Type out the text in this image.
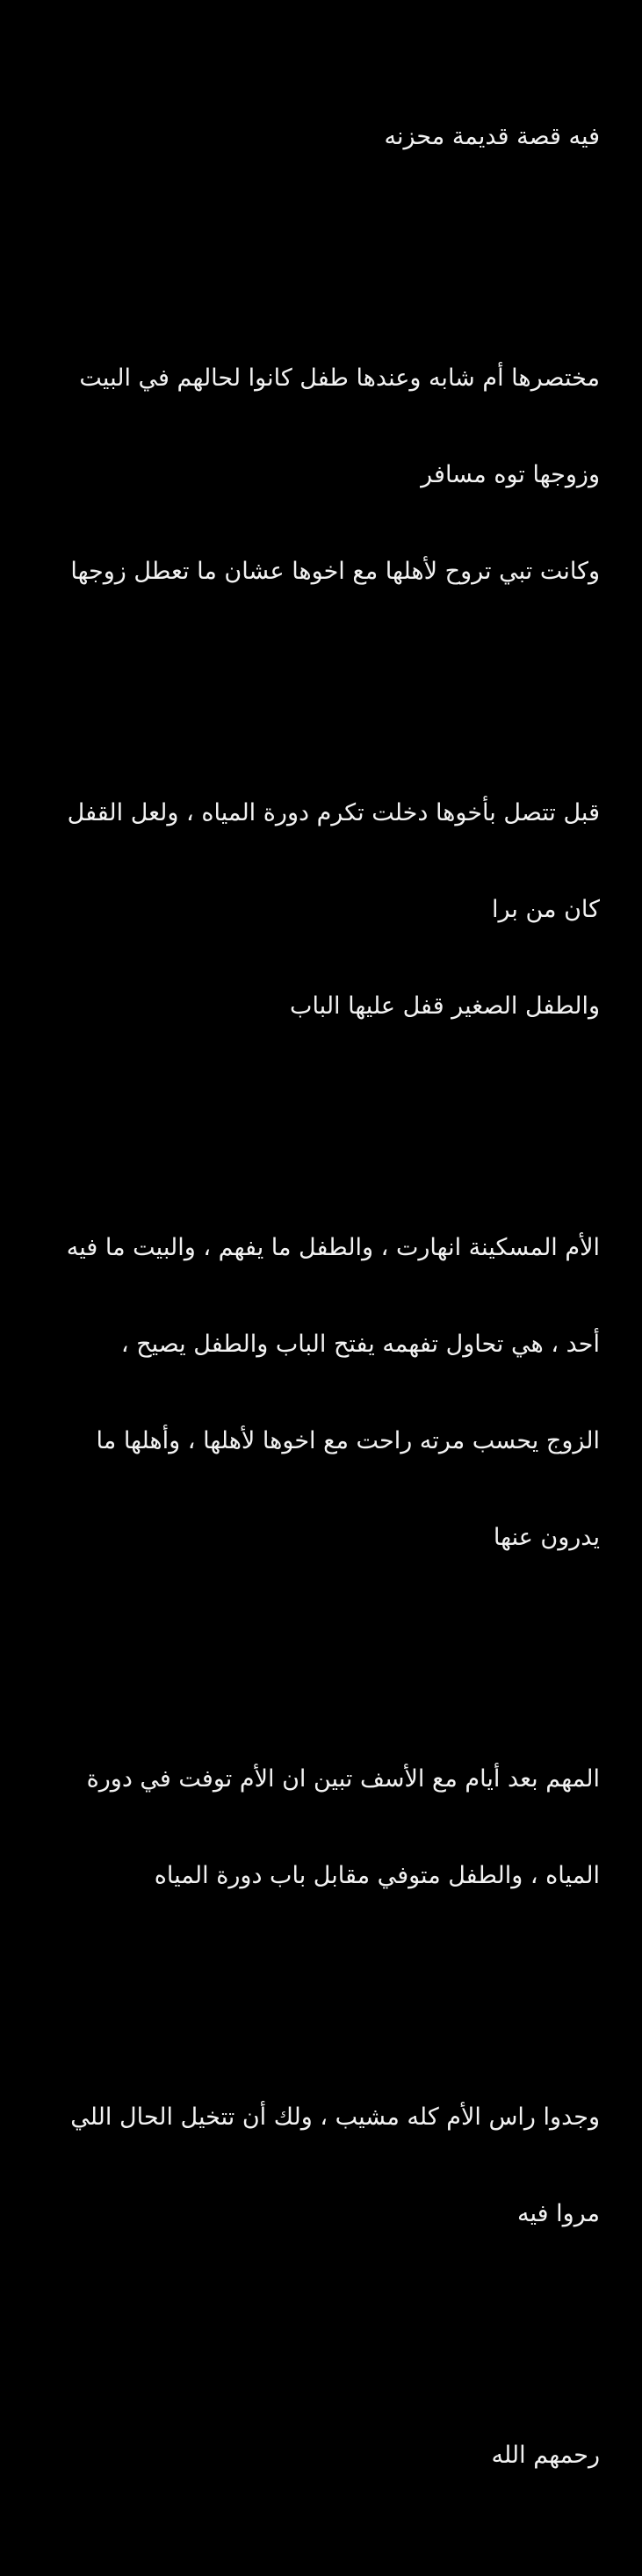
فيه قصة قديمة محزنه

مختصرها أم شابه وعندها طفل كانوا لحالهم في البيت

وزوجها توه مسافر

وكانت تبي تروح لأهلها مع اخوها عشان ما تعطل زوجها

قبل تتصل بأخوها دخلت تكرم دورة المياه ، ولعل القفل

كان من برا

والطفل الصغير قفل عليها الباب

الأم المسكينة انهارت ، والطفل ما يفهم ، والبيت ما فيه

أحد ، هي تحاول تفهمه يفتح الباب والطفل يصيح ،

الزوج يحسب مرته راحت مع اخوها لأهلها ، وأهلها ما

يدرون عنها

المهم بعد أيام مع الأسف تبين ان الأم توفت في دورة

المياه ، والطفل متوفي مقابل باب دورة المياه

وجدوا راس الأم كله مشيب ، ولك أن تتخيل الحال اللي

مروا فيه

رحمهم الله
